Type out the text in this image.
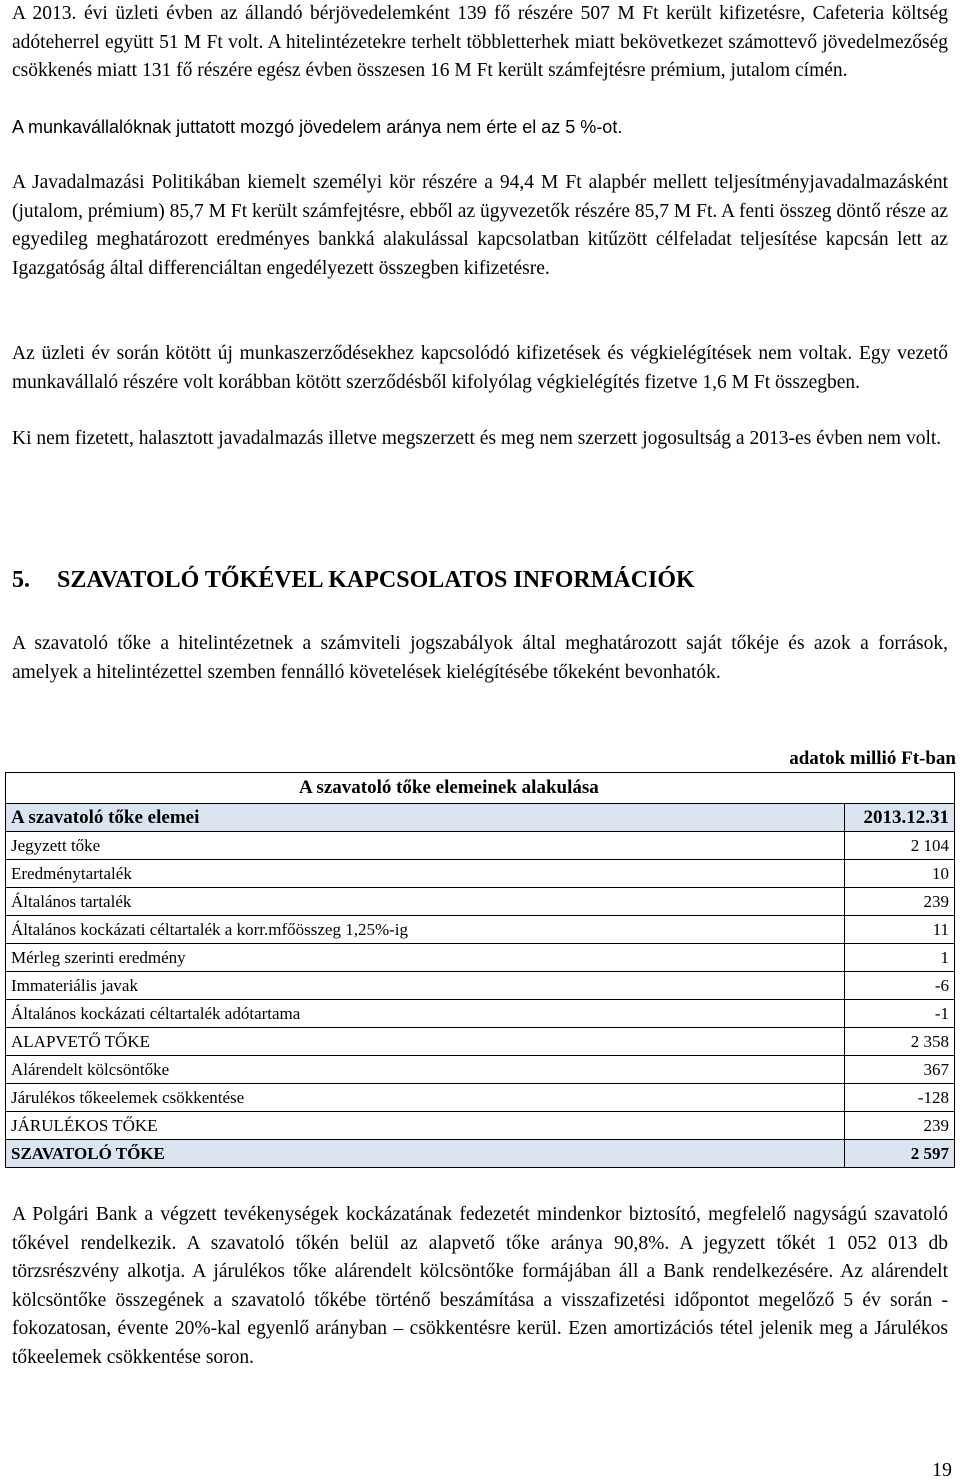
A 2013. évi üzleti évben az állandó bérjövedelemként 139 fő részére 507 M Ft került kifizetésre, Cafeteria költség adóteherrel együtt 51 M Ft volt. A hitelintézetekre terhelt többletterhek miatt bekövetkezet számottevő jövedelmezőség csökkenés miatt 131 fő részére egész évben összesen 16 M Ft került számfejtésre prémium, jutalom címén.

A munkavállalóknak juttatott mozgó jövedelem aránya nem érte el az 5 %-ot.

A Javadalmazási Politikában kiemelt személyi kör részére a 94,4 M Ft alapbér mellett teljesítményjavadalmazásként (jutalom, prémium) 85,7 M Ft került számfejtésre, ebből az ügyvezetők részére 85,7 M Ft. A fenti összeg döntő része az egyedileg meghatározott eredményes bankká alakulással kapcsolatban kitűzött célfeladat teljesítése kapcsán lett az Igazgatóság által differenciáltan engedélyezett összegben kifizetésre.

Az üzleti év során kötött új munkaszerződésekhez kapcsolódó kifizetések és végkielégítések nem voltak. Egy vezető munkavállaló részére volt korábban kötött szerződésből kifolyólag végkielégítés fizetve 1,6 M Ft összegben.

Ki nem fizetett, halasztott javadalmazás illetve megszerzett és meg nem szerzett jogosultság a 2013-es évben nem volt.

5. SZAVATOLÓ TŐKÉVEL KAPCSOLATOS INFORMÁCIÓK

A szavatoló tőke a hitelintézetnek a számviteli jogszabályok által meghatározott saját tőkéje és azok a források, amelyek a hitelintézettel szemben fennálló követelések kielégítésébe tőkeként bevonhatók.

adatok millió Ft-ban
A szavatoló tőke elemeinek alakulása
A szavatoló tőke elemei	2013.12.31
Jegyzett tőke	2 104
Eredménytartalék	10
Általános tartalék	239
Általános kockázati céltartalék a korr.mfőösszeg 1,25%-ig	11
Mérleg szerinti eredmény	1
Immateriális javak	-6
Általános kockázati céltartalék adótartama	-1
ALAPVETŐ TŐKE	2 358
Alárendelt kölcsöntőke	367
Járulékos tőkeelemek csökkentése	-128
JÁRULÉKOS TŐKE	239
SZAVATOLÓ TŐKE	2 597

A Polgári Bank a végzett tevékenységek kockázatának fedezetét mindenkor biztosító, megfelelő nagyságú szavatoló tőkével rendelkezik. A szavatoló tőkén belül az alapvető tőke aránya 90,8%. A jegyzett tőkét 1 052 013 db törzsrészvény alkotja. A járulékos tőke alárendelt kölcsöntőke formájában áll a Bank rendelkezésére. Az alárendelt kölcsöntőke összegének a szavatoló tőkébe történő beszámítása a visszafizetési időpontot megelőző 5 év során - fokozatosan, évente 20%-kal egyenlő arányban – csökkentésre kerül. Ezen amortizációs tétel jelenik meg a Járulékos tőkeelemek csökkentése soron.

19
